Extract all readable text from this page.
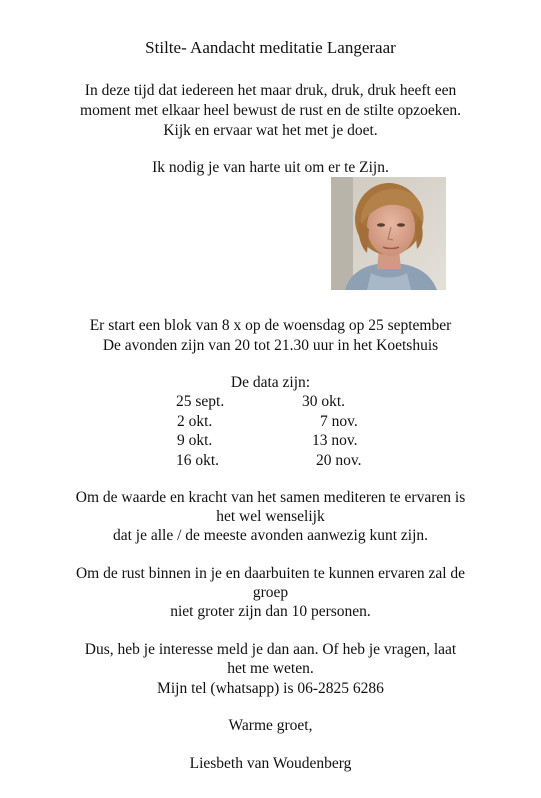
Stilte- Aandacht meditatie Langeraar
In deze tijd dat iedereen het maar druk, druk, druk heeft een
moment met elkaar heel bewust de rust en de stilte opzoeken.
Kijk en ervaar wat het met je doet.
Ik nodig je van harte uit om er te Zijn.
Er start een blok van 8 x op de woensdag op 25 september
De avonden zijn van 20 tot 21.30 uur in het Koetshuis
De data zijn:
25 sept.	30 okt.
2 okt.	7 nov.
9 okt.	13 nov.
16 okt.	20 nov.
Om de waarde en kracht van het samen mediteren te ervaren is
het wel wenselijk
dat je alle / de meeste avonden aanwezig kunt zijn.
Om de rust binnen in je en daarbuiten te kunnen ervaren zal de
groep
niet groter zijn dan 10 personen.
Dus, heb je interesse meld je dan aan. Of heb je vragen, laat
het me weten.
Mijn tel (whatsapp) is 06-2825 6286
Warme groet,
Liesbeth van Woudenberg
